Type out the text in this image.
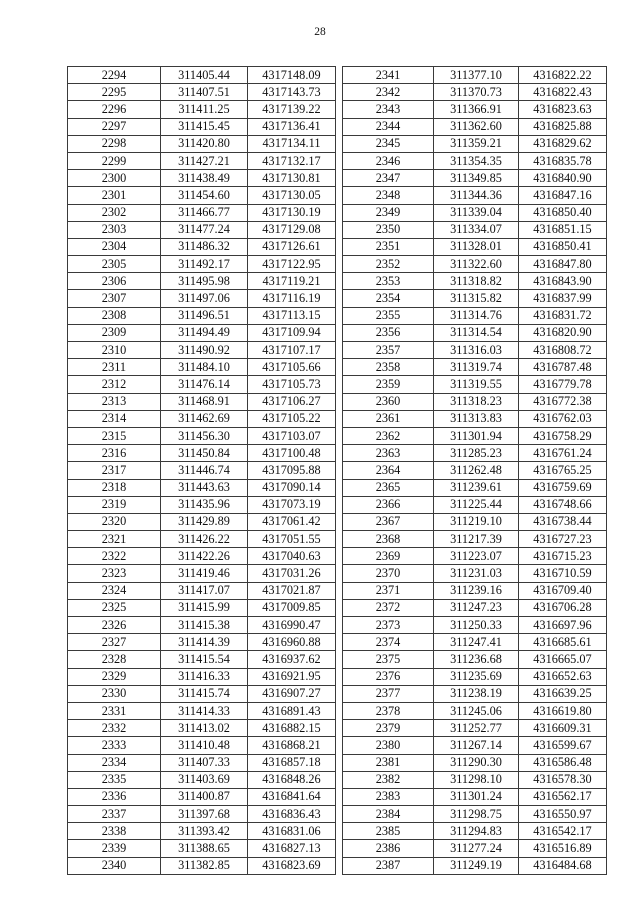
28
2294	311405.44	4317148.09
2295	311407.51	4317143.73
2296	311411.25	4317139.22
2297	311415.45	4317136.41
2298	311420.80	4317134.11
2299	311427.21	4317132.17
2300	311438.49	4317130.81
2301	311454.60	4317130.05
2302	311466.77	4317130.19
2303	311477.24	4317129.08
2304	311486.32	4317126.61
2305	311492.17	4317122.95
2306	311495.98	4317119.21
2307	311497.06	4317116.19
2308	311496.51	4317113.15
2309	311494.49	4317109.94
2310	311490.92	4317107.17
2311	311484.10	4317105.66
2312	311476.14	4317105.73
2313	311468.91	4317106.27
2314	311462.69	4317105.22
2315	311456.30	4317103.07
2316	311450.84	4317100.48
2317	311446.74	4317095.88
2318	311443.63	4317090.14
2319	311435.96	4317073.19
2320	311429.89	4317061.42
2321	311426.22	4317051.55
2322	311422.26	4317040.63
2323	311419.46	4317031.26
2324	311417.07	4317021.87
2325	311415.99	4317009.85
2326	311415.38	4316990.47
2327	311414.39	4316960.88
2328	311415.54	4316937.62
2329	311416.33	4316921.95
2330	311415.74	4316907.27
2331	311414.33	4316891.43
2332	311413.02	4316882.15
2333	311410.48	4316868.21
2334	311407.33	4316857.18
2335	311403.69	4316848.26
2336	311400.87	4316841.64
2337	311397.68	4316836.43
2338	311393.42	4316831.06
2339	311388.65	4316827.13
2340	311382.85	4316823.69
2341	311377.10	4316822.22
2342	311370.73	4316822.43
2343	311366.91	4316823.63
2344	311362.60	4316825.88
2345	311359.21	4316829.62
2346	311354.35	4316835.78
2347	311349.85	4316840.90
2348	311344.36	4316847.16
2349	311339.04	4316850.40
2350	311334.07	4316851.15
2351	311328.01	4316850.41
2352	311322.60	4316847.80
2353	311318.82	4316843.90
2354	311315.82	4316837.99
2355	311314.76	4316831.72
2356	311314.54	4316820.90
2357	311316.03	4316808.72
2358	311319.74	4316787.48
2359	311319.55	4316779.78
2360	311318.23	4316772.38
2361	311313.83	4316762.03
2362	311301.94	4316758.29
2363	311285.23	4316761.24
2364	311262.48	4316765.25
2365	311239.61	4316759.69
2366	311225.44	4316748.66
2367	311219.10	4316738.44
2368	311217.39	4316727.23
2369	311223.07	4316715.23
2370	311231.03	4316710.59
2371	311239.16	4316709.40
2372	311247.23	4316706.28
2373	311250.33	4316697.96
2374	311247.41	4316685.61
2375	311236.68	4316665.07
2376	311235.69	4316652.63
2377	311238.19	4316639.25
2378	311245.06	4316619.80
2379	311252.77	4316609.31
2380	311267.14	4316599.67
2381	311290.30	4316586.48
2382	311298.10	4316578.30
2383	311301.24	4316562.17
2384	311298.75	4316550.97
2385	311294.83	4316542.17
2386	311277.24	4316516.89
2387	311249.19	4316484.68
